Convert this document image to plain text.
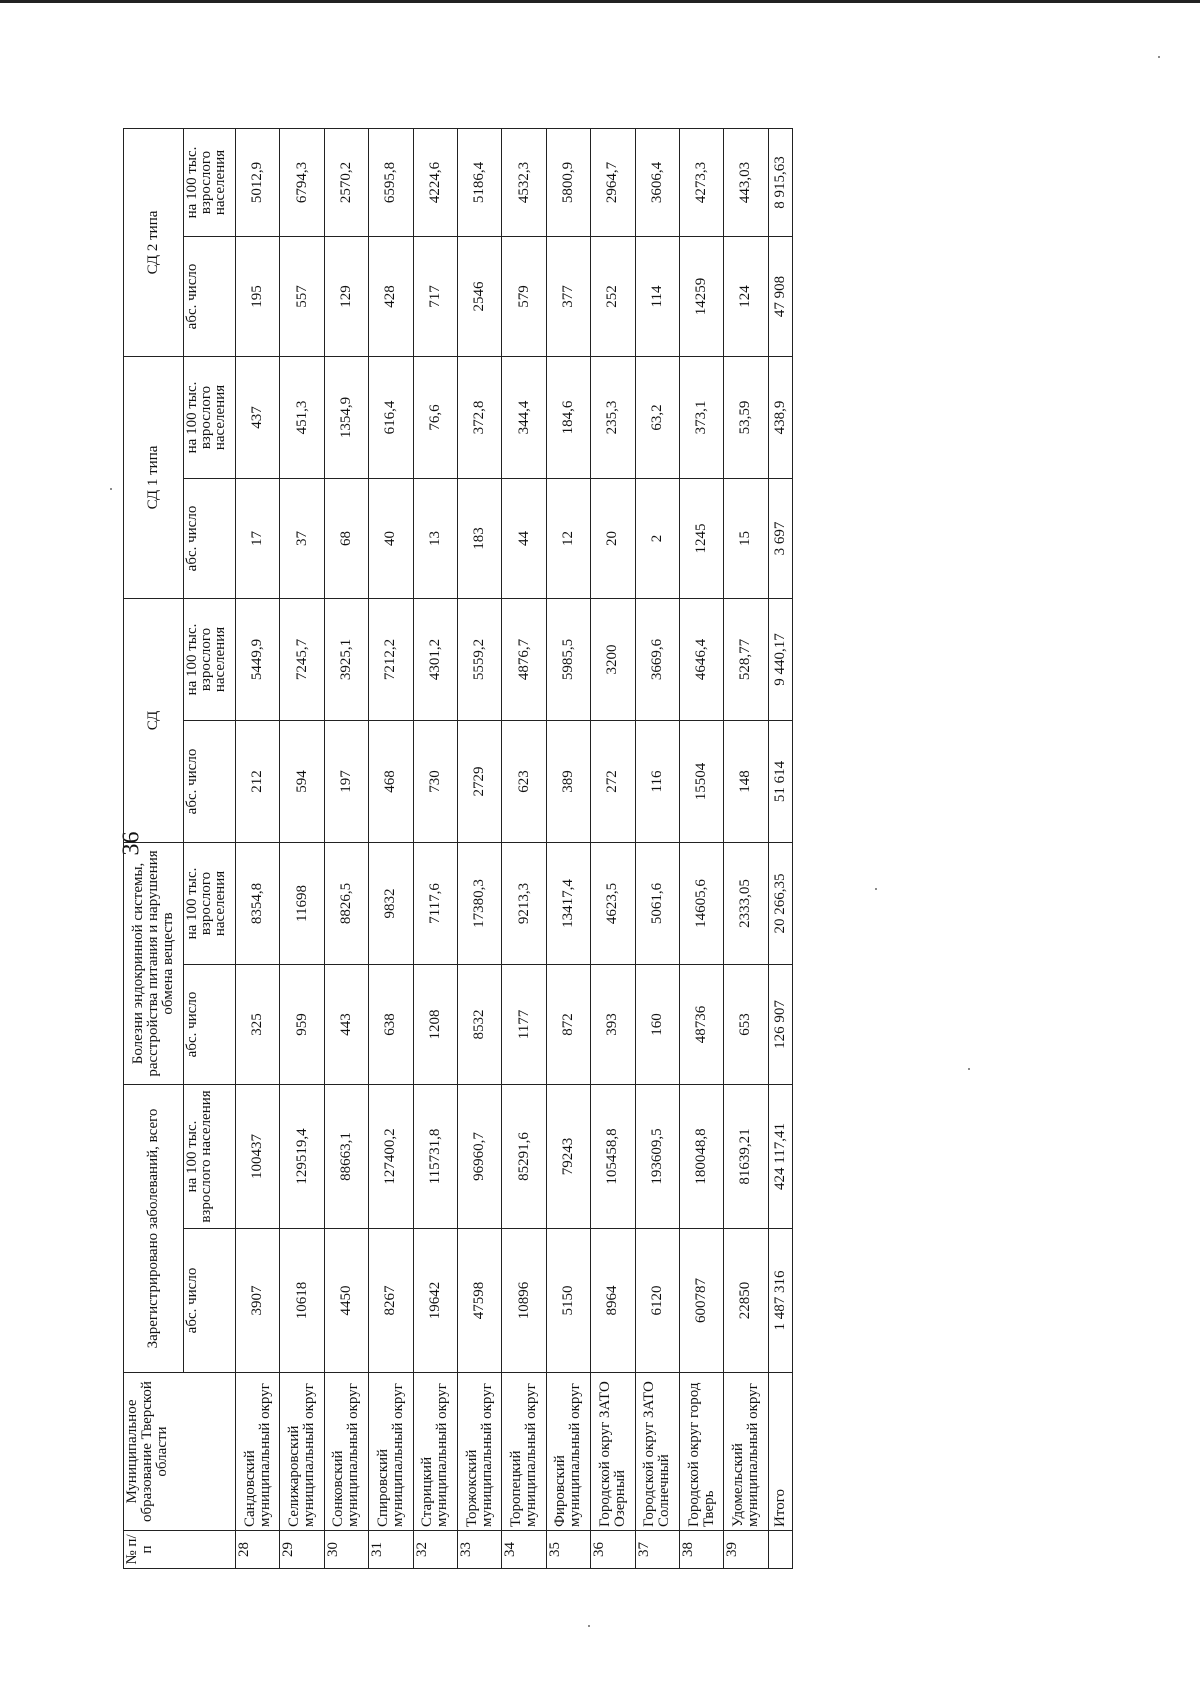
36
№ п/п	Муниципальное образование Тверской области	Зарегистрировано заболеваний, всего		Болезни эндокринной системы, расстройства питания и нарушения обмена веществ		СД		СД 1 типа		СД 2 типа	
		абс. число	на 100 тыс. взрослого населения	абс. число	на 100 тыс. взрослого населения	абс. число	на 100 тыс. взрослого населения	абс. число	на 100 тыс. взрослого населения	абс. число	на 100 тыс. взрослого населения
28	Сандовский муниципальный округ	3907	100437	325	8354,8	212	5449,9	17	437	195	5012,9
29	Селижаровский муниципальный округ	10618	129519,4	959	11698	594	7245,7	37	451,3	557	6794,3
30	Сонковский муниципальный округ	4450	88663,1	443	8826,5	197	3925,1	68	1354,9	129	2570,2
31	Спировский муниципальный округ	8267	127400,2	638	9832	468	7212,2	40	616,4	428	6595,8
32	Старицкий муниципальный округ	19642	115731,8	1208	7117,6	730	4301,2	13	76,6	717	4224,6
33	Торжокский муниципальный округ	47598	96960,7	8532	17380,3	2729	5559,2	183	372,8	2546	5186,4
34	Торопецкий муниципальный округ	10896	85291,6	1177	9213,3	623	4876,7	44	344,4	579	4532,3
35	Фировский муниципальный округ	5150	79243	872	13417,4	389	5985,5	12	184,6	377	5800,9
36	Городской округ ЗАТО Озерный	8964	105458,8	393	4623,5	272	3200	20	235,3	252	2964,7
37	Городской округ ЗАТО Солнечный	6120	193609,5	160	5061,6	116	3669,6	2	63,2	114	3606,4
38	Городской округ город Тверь	600787	180048,8	48736	14605,6	15504	4646,4	1245	373,1	14259	4273,3
39	Удомельский муниципальный округ	22850	81639,21	653	2333,05	148	528,77	15	53,59	124	443,03
	Итого	1 487 316	424 117,41	126 907	20 266,35	51 614	9 440,17	3 697	438,9	47 908	8 915,63
